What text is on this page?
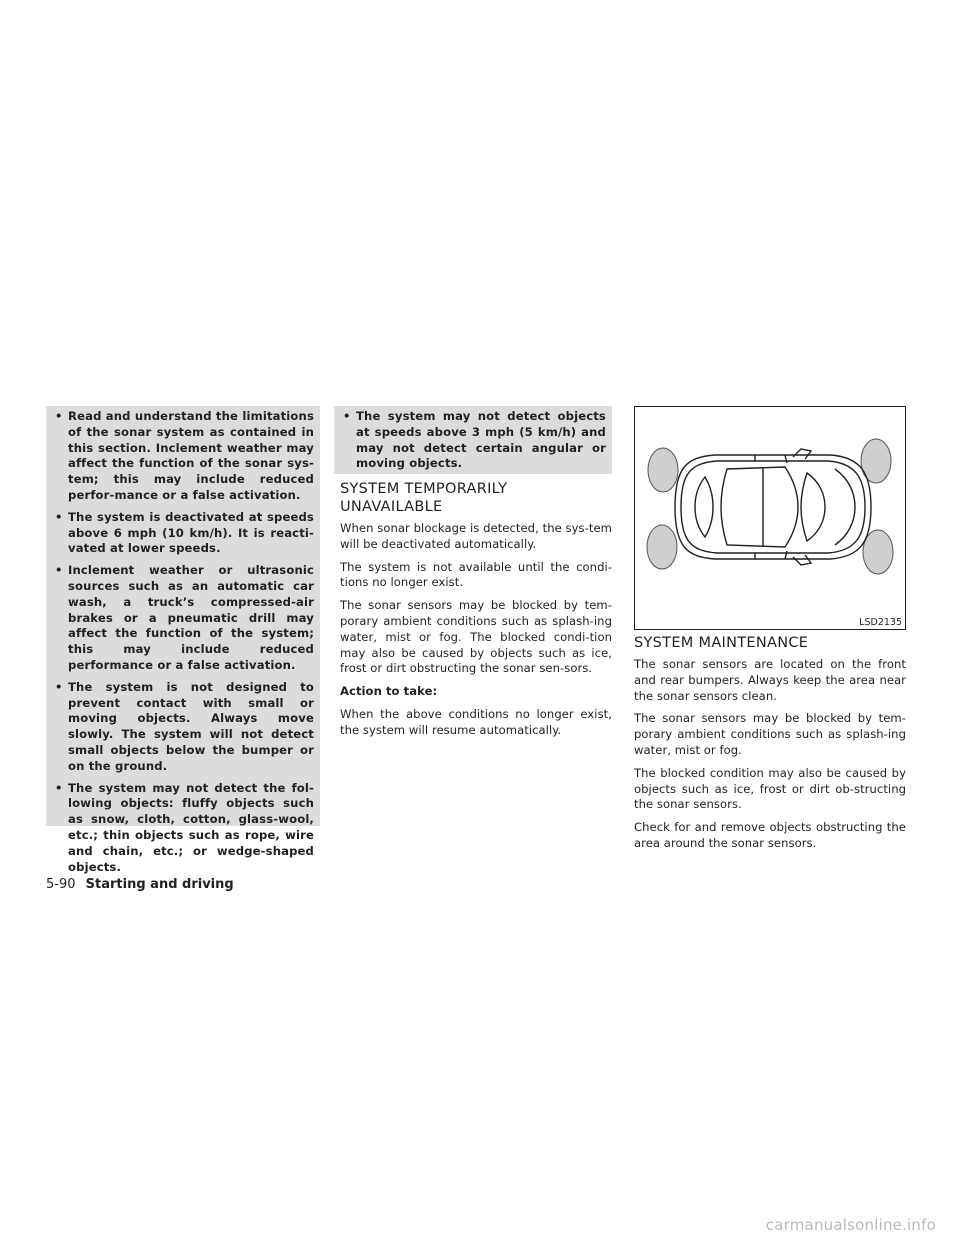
• Read and understand the limitations of the sonar system as contained in this section. Inclement weather may affect the function of the sonar sys-tem; this may include reduced perfor-mance or a false activation.
• The system is deactivated at speeds above 6 mph (10 km/h). It is reacti-vated at lower speeds.
• Inclement weather or ultrasonic sources such as an automatic car wash, a truck’s compressed-air brakes or a pneumatic drill may affect the function of the system; this may include reduced performance or a false activation.
• The system is not designed to prevent contact with small or moving objects. Always move slowly. The system will not detect small objects below the bumper or on the ground.
• The system may not detect the fol-lowing objects: fluffy objects such as snow, cloth, cotton, glass-wool, etc.; thin objects such as rope, wire and chain, etc.; or wedge-shaped objects.
• The system may not detect objects at speeds above 3 mph (5 km/h) and may not detect certain angular or moving objects.
SYSTEM TEMPORARILY
UNAVAILABLE

When sonar blockage is detected, the sys-tem will be deactivated automatically.

The system is not available until the condi-tions no longer exist.

The sonar sensors may be blocked by tem-porary ambient conditions such as splash-ing water, mist or fog. The blocked condi-tion may also be caused by objects such as ice, frost or dirt obstructing the sonar sen-sors.

Action to take:

When the above conditions no longer exist, the system will resume automatically.

LSD2135
SYSTEM MAINTENANCE

The sonar sensors are located on the front and rear bumpers. Always keep the area near the sonar sensors clean.

The sonar sensors may be blocked by tem-porary ambient conditions such as splash-ing water, mist or fog.

The blocked condition may also be caused by objects such as ice, frost or dirt ob-structing the sonar sensors.

Check for and remove objects obstructing the area around the sonar sensors.

5-90 Starting and driving
carmanualsonline.info
